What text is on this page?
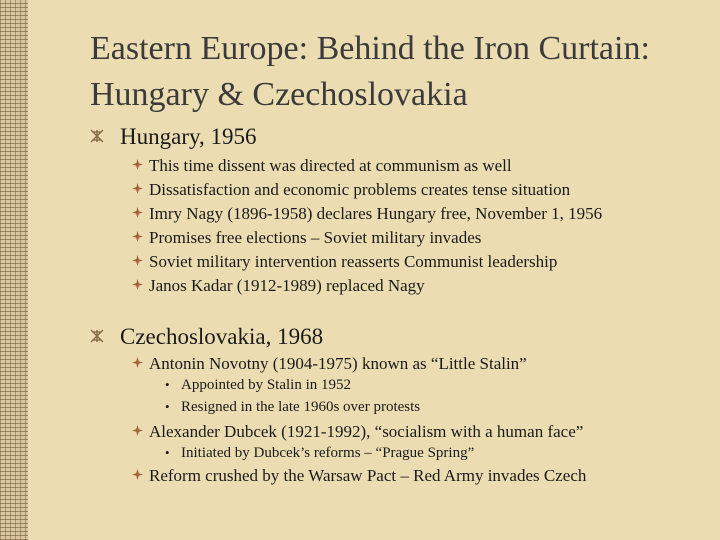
Eastern Europe: Behind the Iron Curtain: Hungary & Czechoslovakia
Hungary, 1956
This time dissent was directed at communism as well
Dissatisfaction and economic problems creates tense situation
Imry Nagy (1896-1958) declares Hungary free, November 1, 1956
Promises free elections – Soviet military invades
Soviet military intervention reasserts Communist leadership
Janos Kadar (1912-1989) replaced Nagy
Czechoslovakia, 1968
Antonin Novotny (1904-1975) known as “Little Stalin”
• Appointed by Stalin in 1952
• Resigned in the late 1960s over protests
Alexander Dubcek (1921-1992), “socialism with a human face”
• Initiated by Dubcek’s reforms – “Prague Spring”
Reform crushed by the Warsaw Pact – Red Army invades Czech
